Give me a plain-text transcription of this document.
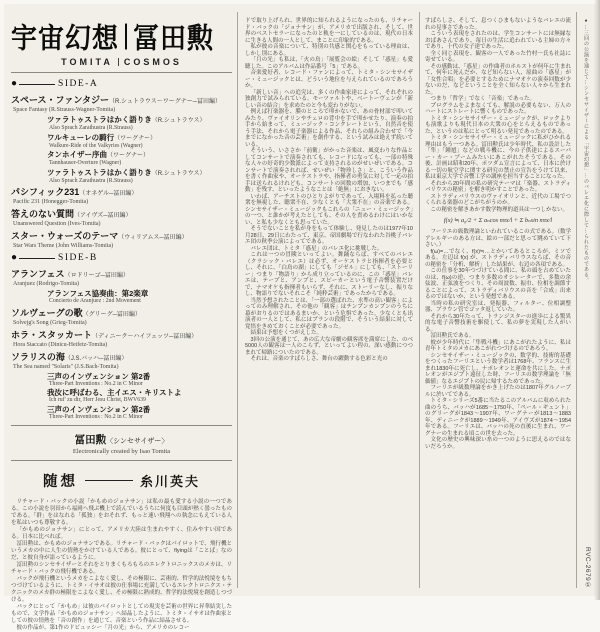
宇宙幻想 冨田勲
TOMITA COSMOS
●	SIDE-A
スペース・ファンタジー（R.シュトラウス〜ワーグナー─冨田編）
Space Fantasy (R.Strauss-Wagner-Tomita)
ツァラトゥストラはかく語りき（R.シュトラウス）
Also Sprach Zarathustra (R.Strauss)
ワルキューレの騎行（ワーグナー）
Walkure-Ride of the Valkyries (Wagner)
タンホイザー序曲（ワーグナー）
Tannhauser-Overture (Wagner)
ツァラトゥストラはかく語りき（R.シュトラウス）
Also Sprach Zarathustra (R.Strauss)
パシフィック231（オネゲル─冨田編）
Pacific 231 (Honegger-Tomita)
答えのない質問（アイヴズ─冨田編）
Unanswered Question (Ives-Tomita)
スター・ウォーズのテーマ（ウィリアムス─冨田編）
Star Wars Theme (John Williams-Tomita)
●	SIDE-B
アランフェス（ロドリーゴ─冨田編）
Aranjuez (Rodrigo-Tomita)
アランフェス協奏曲：第2楽章
Concierto de Aranjuez : 2nd Movement
ソルヴェーグの歌（グリーグ─冨田編）
Solvejg's Song (Grieg-Tomita)
ホラ・スタッカート（ディニーク〜ハイフェッツ─冨田編）
Hora Staccato (Dinicu-Heifetz-Tomita)
ソラリスの海（J.S.バッハ─冨田編）
The Sea named "Solaris" (J.S.Bach-Tomita)
三声のインヴェンション 第2番
Three-Part Inventions : No.2 in C Minor
我汝に呼ばわる、主イエス・キリストよ
Ich ruf' zu dir, Herr Jesu Christ, BWV639
三声のインヴェンション 第2番
Three-Part Inventions : No.2 in C Minor
冨田勲〈シンセサイザー〉
Electronically created by Isao Tomita
随想	糸川英夫
リチャード・バックの小説「かもめのジョナサン」は私の最も愛する小説の一つである。この小説を羽田から福岡へ飛ぶ機上で読んでいるうちに何度も目頭が熱く曇ったものである。「群」をはなれる「孤独」をおそれず、もっと速い飛翔への執念にもえている人を私はいつも尊敬する。
「かもめのジョナサン」にとって、アメリカ大陸は生まれやすく、住みやすい国である。日本に比べれば。
冨田勲は、かもめのジョナサンである。リチャード・バックはパイロットで、飛行機というメカの中に人生の情熱をかけている人である。彼にとって、flyingは「ことば」なのだ、と彼自身が語っているように。
冨田勲のシンセサイザーとそれをとりまくもろもろのエレクトロニックスのメカは、リチャード・バックの飛行機である。
バックが飛行機というメカをこよなく愛し、その極限に、芸術的、哲学的法悦境をもちつづけているように、トミタ・イサオは彼の仕事場に充満しているエレクトロニクス・テクニックのメカ群の極限をこよなく愛し、その極限に熟成的、哲学的法悦境を創造しつづける。
バックにとって「かもめ」は彼のパイロットとしての現実を芸術の世界に昇華結実したもので、文学作品「かもめのジョナサン」へ結晶したように、トミタ・イサオは作曲家としての彼の情熱を「音の創作」を通じて、音楽という作品に結晶させる。
彼の作品が、第1作のドビュッシー「月の光」から、アメリカのレコー
ドで取り上げられ、世界的に知られるようになったのも、リチャード・バックの「ジョナサン」が、アメリカで出版され、そして、世界のベストセラーになったのと軌を一にしているのは、現代の日本に生きる人間の一人として、まことに印象的である。
私が彼の音楽について、特別の共感と関心をもっている理由は、しかし別にある。
「月の光」も私は、「火の鳥」「展覧会の絵」そして「惑星」も愛聴した。このアルバムは作品番号「5」である。
音楽愛好者、レコード・ファンによって、トミタ・シンセサイザー・ミュージックとは、どういう地位を与えられているのであろうか。
「新しい音」への追究は、多くの作曲家達によって、それぞれの独創力で試みられている。モーツァルトや、ベートーヴェンが「新しい音の結合」を求めたのと今も変わりがない。
例えば打楽器を、膜のところで叩かないで、あの骨材部で叩いてみたり、ヴァイオリンやチェロの背中を手で叩かせたり、演奏の拍手から始まって、ミュージック・コンクレートという、自然音を使う手法、それから電子楽器による作品、それらの組み合わせで「今までになかった音の芸術」を創作する、という試みは絶えず続いている。
そういう、いささか「前衛」がかった音楽は、風変わりな作品としてコンサートで演奏されても、レコードになっても、一部の特殊な人々の好奇的少数派によって支持されるのがせいぜいである。コンサートで演奏されれば、せいぜい「物珍しさ」と、こういう作品を書く作曲家や、オーケストラや、指揮者の勇気に対して一応の拍手は送られるけれども、コンサートの回数の増加、いつまでも「感動」を残す、といったようなことは「絶無」におきない。
いわば、アーチストのひとりよがりであって、入場料を払った聴衆を無視した、聴衆不在、少なくとも「大衆不在」の音楽である。シンセサイザー・ミュージックもこれらの「ニュー・ミュージック」の一つ、と誰かが考えたとしても、その人を責めるわけにはいかない、と私も少なくとも思っていた。
そうでないことを私が身をもって体験し、発見したのは1977年10月28日、29日にわたって、東京、帝国劇場で行なわれた谷桃子バレエ団の秋季公演によってである。
バレエ団は、トミタ「惑星」のバレエ化に挑戦した。
これは一つの冒険といってよい。舞踊ならば、すべてのバレエ（クラシック・バレエ）は必ず、オーケストラと指揮者を必要とし、それに、「白鳥の湖」にしても「ジゼル」にしても、「ストーリー」つまり「物語り」から成り立っているのに、この「惑星」バレエは、テープと、アンプと、スピーカーという電子音響装置だけで、ナマオケも指揮者もいらず、それに、ストーリーなし、振りなし、物語りでないそれこそ「純粋芸術」であったからである。
当然予想されたことは、「一部の選ばれた、水準の高い観客」によってのみ理解され、その他の「観客」はチンプンカンプンのうちに幕がおりるのではあるまいか、という危惧であった。少なくとも出演者の一人として、私にはプランの段階で、そういう結果に対して覚悟をきめておくことが必要であった。
結果は予想をくつがえした。
3回の公演を通じて、あの広大な帝劇の観客席を満席にした、のべ5000人の観客は一人のこらず、といってよい程の、深い感動につつまれて帰路についたのである。
それは、音楽のすばらしさ、舞台の躍動する色彩と光の
すばらしさ、そして、息つくひまもないようなバレエの流れの見事さであった。
こういう表現をされたのは、学生コンサートには無縁なおばあさんであり、毎日の生活に追われている主婦の方々であり、十代の女子達であった。
全く同じ表現を、観客の一人であった竹村一氏も社誌に寄せている。
その感動は、「惑星」の作曲者のホルストが何年に生まれて、何年に死んだか、など知らない人、原曲の「惑星」が「女性合唱」を必要とするためにナマオケの演奏回数が少ないのだ、などということを全く知らない人々から生まれた。
つまり「哲学」でなく「音楽」であった。
プログラムをよまなくても、解説の必要もない、万人のハートにストレートに響くものであった。
トミタ・シンセサイザー・ミュージックが、ロックよりも演歌よりも現代日本の大衆の心をとらえるものであった、というのは私にとって明るい発見であったのである。
トミタ・シンセサイザー・ミュージックに私がひかれる理由はもう一つある。冨田勲氏は少年時代、私の設計した「隼」「鍾馗」などの戦斗機に、今の子供達によるスーパー・カー・ブームみたいにあこがれたそうである。その後、計画は昭和20年、ポツダム宣言によって、日本に於ける一切の航空学に関する研究の禁止の宣告をうけて以来、私は東京大学で音響工学の講座を担当することになった。
それから20年間の私の研究テーマは「楽器、ストラディバリウスの秘密」を解き明かすことであった。
ストラディバリウスのヴァイオリンと、近代の工場でつくられる楽器のどこがちがうのか。
この秘密を解きあかす数学物理的道具は一つしかない。
f(x) ≒ a₀/2 + Σ aₙcos nπx/l + Σ bₙsin nπx/l
フーリエの級数理論といわれているこの式である。（数学アレルギーのある方は、絵の一部だと思って眺めていて下さい。）
f(ω)=…でなく、f(x)≒…とかいてあるところが、ミソである。左辺は f(x) が、ストラディバリウスならば、その音の秘密を「分析、解析」した結果が、右辺の各項である。
この仕事を30年つづけている間に、私の頭を占めていたのは、f(ω)の逆、つまり多数のオシレーターで、多数の余弦波、正弦波をつくり、その周波数、振巾、位相を調節することによって、ストラディバリウスの音を「合成」出来るのではないか、という発想である。
当時の私の研究室は、発振器、フィルター、位相調整器、ブラウン管でゴッタ返していた。
それから30年たって、トランジスターの進歩による驚異的な電子音響技術を駆使して、私の夢を実現した人がいる。
冨田勲氏である。
彼が少年時代に「隼戦斗機」にあこがれたように、私は青年トミタのメカにあこがれつづけるのであろう。
シンセサイザー・ミュージックの、数学的、技術的基礎をつくったフーリエという数学者は1768年、フランスに生まれ1830年に死亡し、ナポレオンと運命を共にした。ナポレオンがエジプト遠征した時、フーリエの数学理論を「無価値」なるエジプトの民に帰するためであった。
フーリエが級数理論をかき上げたのは1807年グルノーブルに於いてである。
トミタ・シリーズ5番に当たるこのアルバムに収められた曲のうち、バッハが1685〜1750年、「ペール・ギュント」のグリーグが1843〜1907年、ワーグナーが1813〜1883年、ディニークが1889〜1949年、アイヴズが1874〜1954年である。フーリエは、バッハの死の直後に生まれ、ワーグナーの生まれる頃この世を去った。
文化の歴史の興味深い糸の一つのように思えるのではないだろうか。
●…三回の公演を通じて…シンセサイザーによる「宇宙幻想」…のバレエ化に際して…られたものである。
RVC-2679①
